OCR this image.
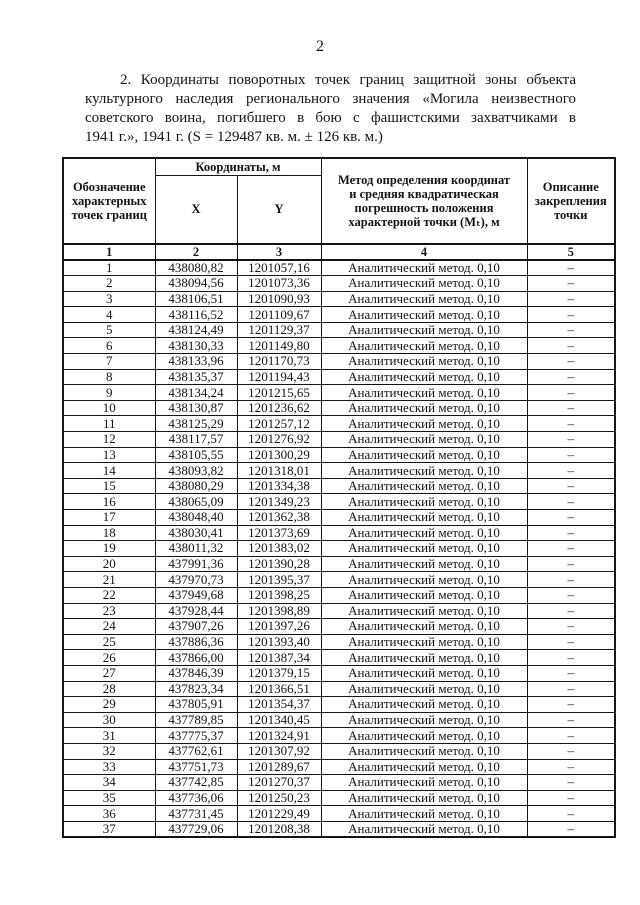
2
2. Координаты поворотных точек границ защитной зоны объекта
культурного наследия регионального значения «Могила неизвестного
советского воина, погибшего в бою с фашистскими захватчиками в
1941 г.», 1941 г. (S = 129487 кв. м. ± 126 кв. м.)
Обозначение
характерных
точек границ	Координаты, м		Метод определения координат
и средняя квадратическая
погрешность положения
характерной точки (Mₜ), м	Описание
закрепления
точки

	X	Y		
1	2	3	4	5
1	438080,82	1201057,16	Аналитический метод. 0,10	–
2	438094,56	1201073,36	Аналитический метод. 0,10	–
3	438106,51	1201090,93	Аналитический метод. 0,10	–
4	438116,52	1201109,67	Аналитический метод. 0,10	–
5	438124,49	1201129,37	Аналитический метод. 0,10	–
6	438130,33	1201149,80	Аналитический метод. 0,10	–
7	438133,96	1201170,73	Аналитический метод. 0,10	–
8	438135,37	1201194,43	Аналитический метод. 0,10	–
9	438134,24	1201215,65	Аналитический метод. 0,10	–
10	438130,87	1201236,62	Аналитический метод. 0,10	–
11	438125,29	1201257,12	Аналитический метод. 0,10	–
12	438117,57	1201276,92	Аналитический метод. 0,10	–
13	438105,55	1201300,29	Аналитический метод. 0,10	–
14	438093,82	1201318,01	Аналитический метод. 0,10	–
15	438080,29	1201334,38	Аналитический метод. 0,10	–
16	438065,09	1201349,23	Аналитический метод. 0,10	–
17	438048,40	1201362,38	Аналитический метод. 0,10	–
18	438030,41	1201373,69	Аналитический метод. 0,10	–
19	438011,32	1201383,02	Аналитический метод. 0,10	–
20	437991,36	1201390,28	Аналитический метод. 0,10	–
21	437970,73	1201395,37	Аналитический метод. 0,10	–
22	437949,68	1201398,25	Аналитический метод. 0,10	–
23	437928,44	1201398,89	Аналитический метод. 0,10	–
24	437907,26	1201397,26	Аналитический метод. 0,10	–
25	437886,36	1201393,40	Аналитический метод. 0,10	–
26	437866,00	1201387,34	Аналитический метод. 0,10	–
27	437846,39	1201379,15	Аналитический метод. 0,10	–
28	437823,34	1201366,51	Аналитический метод. 0,10	–
29	437805,91	1201354,37	Аналитический метод. 0,10	–
30	437789,85	1201340,45	Аналитический метод. 0,10	–
31	437775,37	1201324,91	Аналитический метод. 0,10	–
32	437762,61	1201307,92	Аналитический метод. 0,10	–
33	437751,73	1201289,67	Аналитический метод. 0,10	–
34	437742,85	1201270,37	Аналитический метод. 0,10	–
35	437736,06	1201250,23	Аналитический метод. 0,10	–
36	437731,45	1201229,49	Аналитический метод. 0,10	–
37	437729,06	1201208,38	Аналитический метод. 0,10	–
